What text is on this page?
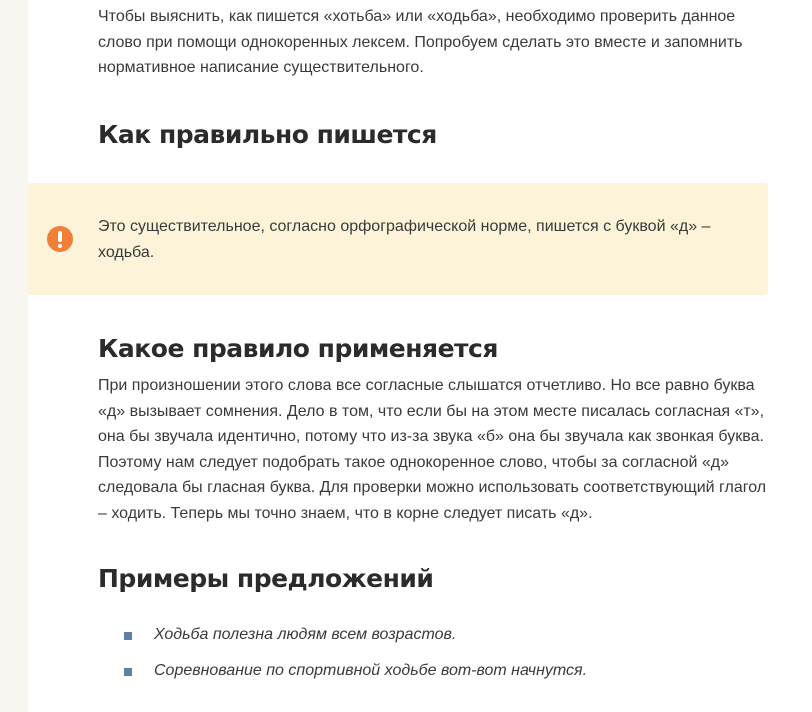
Чтобы выяснить, как пишется «хотьба» или «ходьба», необходимо проверить данное слово при помощи однокоренных лексем. Попробуем сделать это вместе и запомнить нормативное написание существительного.

Как правильно пишется

Это существительное, согласно орфографической норме, пишется с буквой «д» – ходьба.

Какое правило применяется

При произношении этого слова все согласные слышатся отчетливо. Но все равно буква «д» вызывает сомнения. Дело в том, что если бы на этом месте писалась согласная «т», она бы звучала идентично, потому что из-за звука «б» она бы звучала как звонкая буква. Поэтому нам следует подобрать такое однокоренное слово, чтобы за согласной «д» следовала бы гласная буква. Для проверки можно использовать соответствующий глагол – ходить. Теперь мы точно знаем, что в корне следует писать «д».

Примеры предложений
Ходьба полезна людям всем возрастов.
Соревнование по спортивной ходьбе вот-вот начнутся.
